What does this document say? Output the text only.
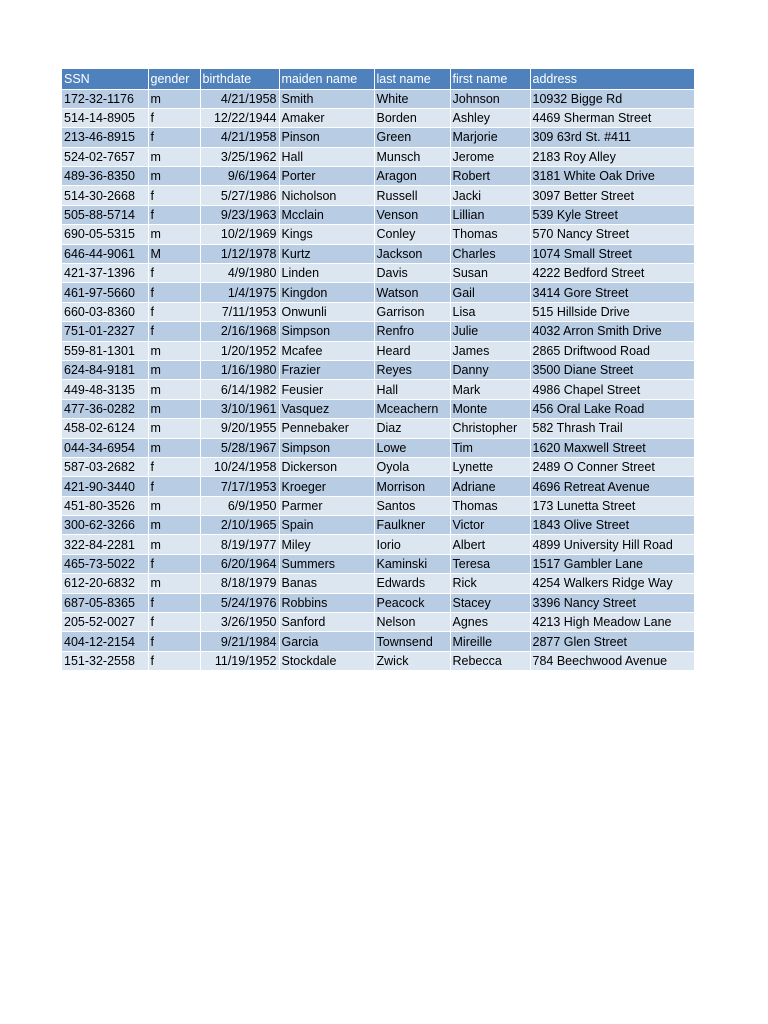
SSN	gender	birthdate	maiden name	last name	first name	address
172-32-1176	m	4/21/1958	Smith	White	Johnson	10932 Bigge Rd
514-14-8905	f	12/22/1944	Amaker	Borden	Ashley	4469 Sherman Street
213-46-8915	f	4/21/1958	Pinson	Green	Marjorie	309 63rd St. #411
524-02-7657	m	3/25/1962	Hall	Munsch	Jerome	2183 Roy Alley
489-36-8350	m	9/6/1964	Porter	Aragon	Robert	3181 White Oak Drive
514-30-2668	f	5/27/1986	Nicholson	Russell	Jacki	3097 Better Street
505-88-5714	f	9/23/1963	Mcclain	Venson	Lillian	539 Kyle Street
690-05-5315	m	10/2/1969	Kings	Conley	Thomas	570 Nancy Street
646-44-9061	M	1/12/1978	Kurtz	Jackson	Charles	1074 Small Street
421-37-1396	f	4/9/1980	Linden	Davis	Susan	4222 Bedford Street
461-97-5660	f	1/4/1975	Kingdon	Watson	Gail	3414 Gore Street
660-03-8360	f	7/11/1953	Onwunli	Garrison	Lisa	515 Hillside Drive
751-01-2327	f	2/16/1968	Simpson	Renfro	Julie	4032 Arron Smith Drive
559-81-1301	m	1/20/1952	Mcafee	Heard	James	2865 Driftwood Road
624-84-9181	m	1/16/1980	Frazier	Reyes	Danny	3500 Diane Street
449-48-3135	m	6/14/1982	Feusier	Hall	Mark	4986 Chapel Street
477-36-0282	m	3/10/1961	Vasquez	Mceachern	Monte	456 Oral Lake Road
458-02-6124	m	9/20/1955	Pennebaker	Diaz	Christopher	582 Thrash Trail
044-34-6954	m	5/28/1967	Simpson	Lowe	Tim	1620 Maxwell Street
587-03-2682	f	10/24/1958	Dickerson	Oyola	Lynette	2489 O Conner Street
421-90-3440	f	7/17/1953	Kroeger	Morrison	Adriane	4696 Retreat Avenue
451-80-3526	m	6/9/1950	Parmer	Santos	Thomas	173 Lunetta Street
300-62-3266	m	2/10/1965	Spain	Faulkner	Victor	1843 Olive Street
322-84-2281	m	8/19/1977	Miley	Iorio	Albert	4899 University Hill Road
465-73-5022	f	6/20/1964	Summers	Kaminski	Teresa	1517 Gambler Lane
612-20-6832	m	8/18/1979	Banas	Edwards	Rick	4254 Walkers Ridge Way
687-05-8365	f	5/24/1976	Robbins	Peacock	Stacey	3396 Nancy Street
205-52-0027	f	3/26/1950	Sanford	Nelson	Agnes	4213 High Meadow Lane
404-12-2154	f	9/21/1984	Garcia	Townsend	Mireille	2877 Glen Street
151-32-2558	f	11/19/1952	Stockdale	Zwick	Rebecca	784 Beechwood Avenue
